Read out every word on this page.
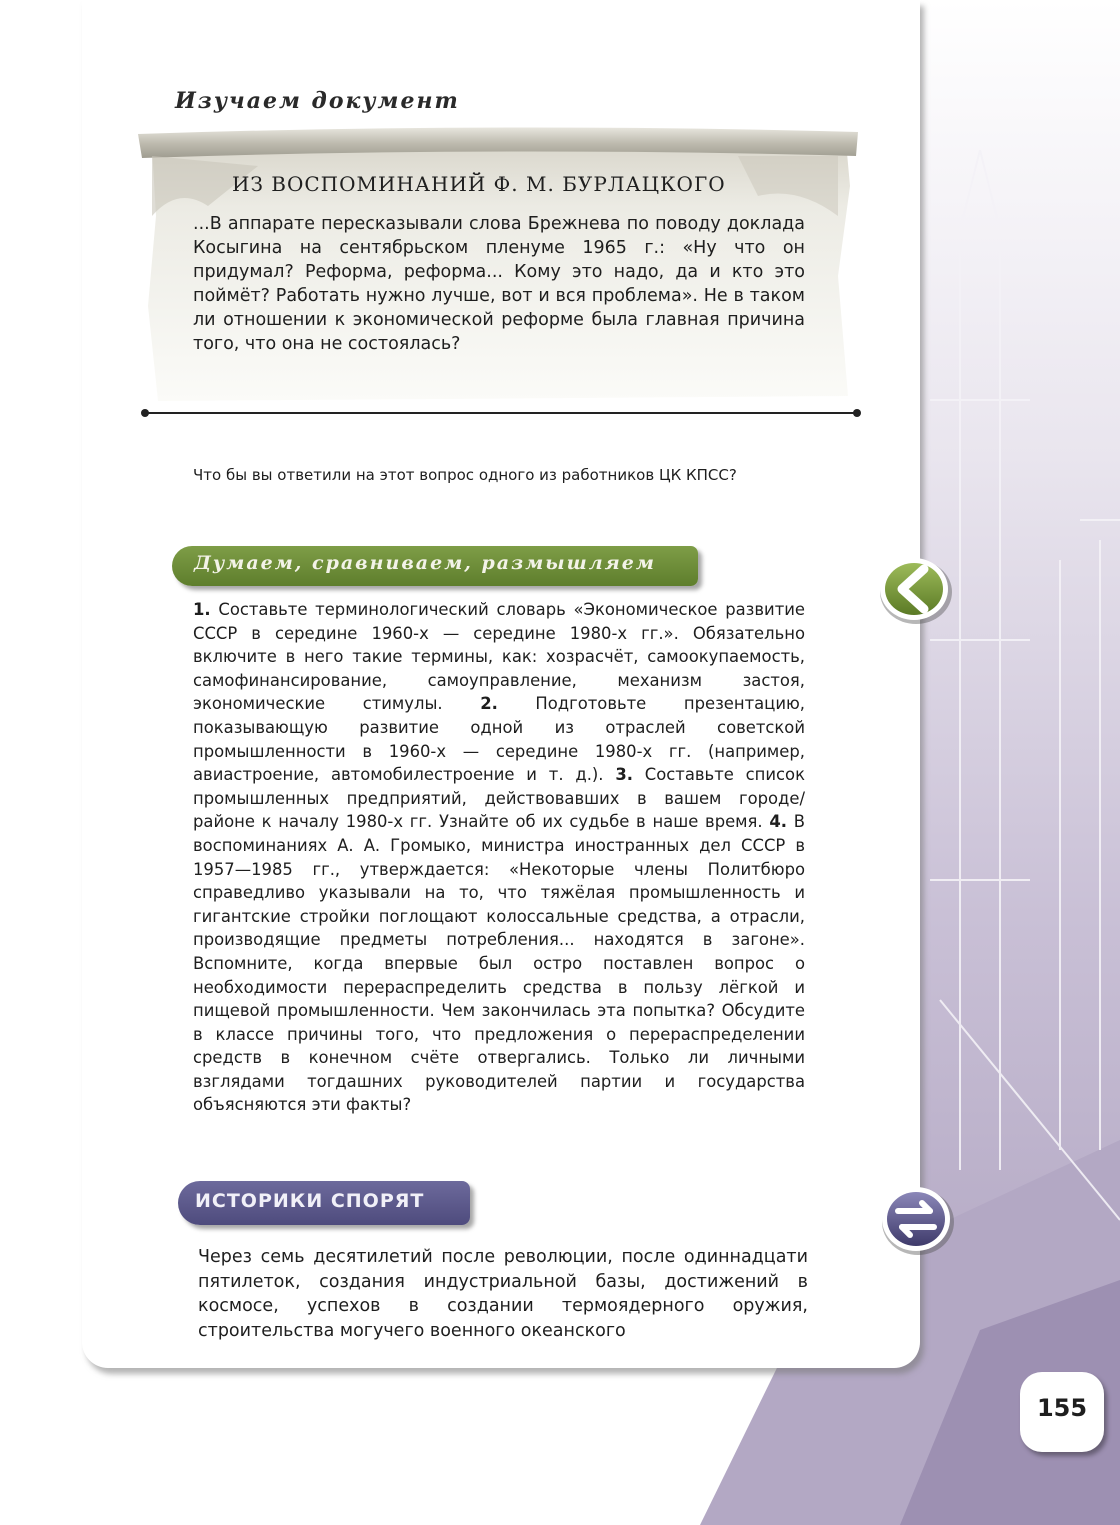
Изучаем документ
ИЗ ВОСПОМИНАНИЙ Ф. М. БУРЛАЦКОГО
...В аппарате пересказывали слова Брежнева по поводу доклада Косыгина на сентябрьском пленуме 1965 г.: «Ну что он придумал? Реформа, реформа... Кому это надо, да и кто это поймёт? Работать нужно лучше, вот и вся проблема». Не в таком ли отношении к экономической реформе была главная причина того, что она не состоялась?
Что бы вы ответили на этот вопрос одного из работников ЦК КПСС?
Думаем, сравниваем, размышляем

1. Составьте терминологический словарь «Экономическое развитие СССР в середине 1960-х — середине 1980-х гг.». Обязательно включите в него такие термины, как: хозрасчёт, самоокупаемость, самофинансирование, самоуправление, механизм застоя, экономические стимулы. 2. Подготовьте презентацию, показывающую развитие одной из отраслей советской промышленности в 1960-х — середине 1980-х гг. (например, авиастроение, автомобилестроение и т. д.). 3. Составьте список промышленных предприятий, действовавших в вашем городе/районе к началу 1980-х гг. Узнайте об их судьбе в наше время. 4. В воспоминаниях А. А. Громыко, министра иностранных дел СССР в 1957—1985 гг., утверждается: «Некоторые члены Политбюро справедливо указывали на то, что тяжёлая промышленность и гигантские стройки поглощают колоссальные средства, а отрасли, производящие предметы потребления... находятся в загоне». Вспомните, когда впервые был остро поставлен вопрос о необходимости перераспределить средства в пользу лёгкой и пищевой промышленности. Чем закончилась эта попытка? Обсудите в классе причины того, что предложения о перераспределении средств в конечном счёте отвергались. Только ли личными взглядами тогдашних руководителей партии и государства объясняются эти факты?

ИСТОРИКИ СПОРЯТ
Через семь десятилетий после революции, после одиннадцати пятилеток, создания индустриальной базы, достижений в космосе, успехов в создании термоядерного оружия, строительства могучего военного океанского
155
